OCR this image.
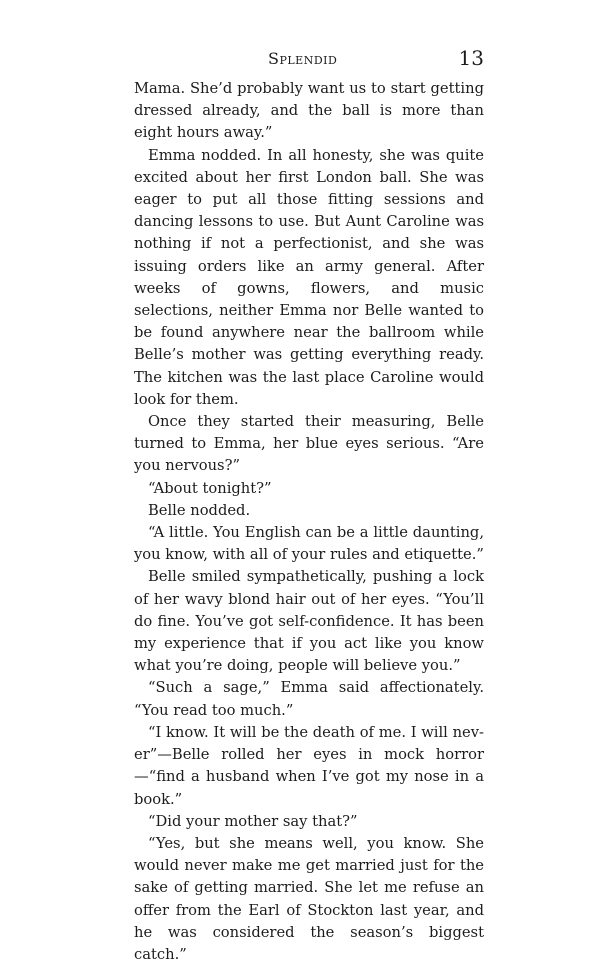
Splendid	13

Mama. She’d probably want us to start getting dressed already, and the ball is more than eight hours away.”

Emma nodded. In all honesty, she was quite excited about her first London ball. She was eager to put all those fitting sessions and dancing lessons to use. But Aunt Caroline was nothing if not a perfectionist, and she was issuing orders like an army general. After weeks of gowns, flowers, and music selections, neither Emma nor Belle wanted to be found anywhere near the ballroom while Belle’s mother was getting everything ready. The kitchen was the last place Caroline would look for them.

Once they started their measuring, Belle turned to Emma, her blue eyes serious. “Are you nervous?”

“About tonight?”

Belle nodded.

“A little. You English can be a little daunting, you know, with all of your rules and etiquette.”

Belle smiled sympathetically, pushing a lock of her wavy blond hair out of her eyes. “You’ll do fine. You’ve got self-confidence. It has been my experience that if you act like you know what you’re doing, people will believe you.”

“Such a sage,” Emma said affectionately. “You read too much.”

“I know. It will be the death of me. I will never”—Belle rolled her eyes in mock horror—“find a husband when I’ve got my nose in a book.”

“Did your mother say that?”

“Yes, but she means well, you know. She would never make me get married just for the sake of getting married. She let me refuse an offer from the Earl of Stockton last year, and he was considered the season’s biggest catch.”
